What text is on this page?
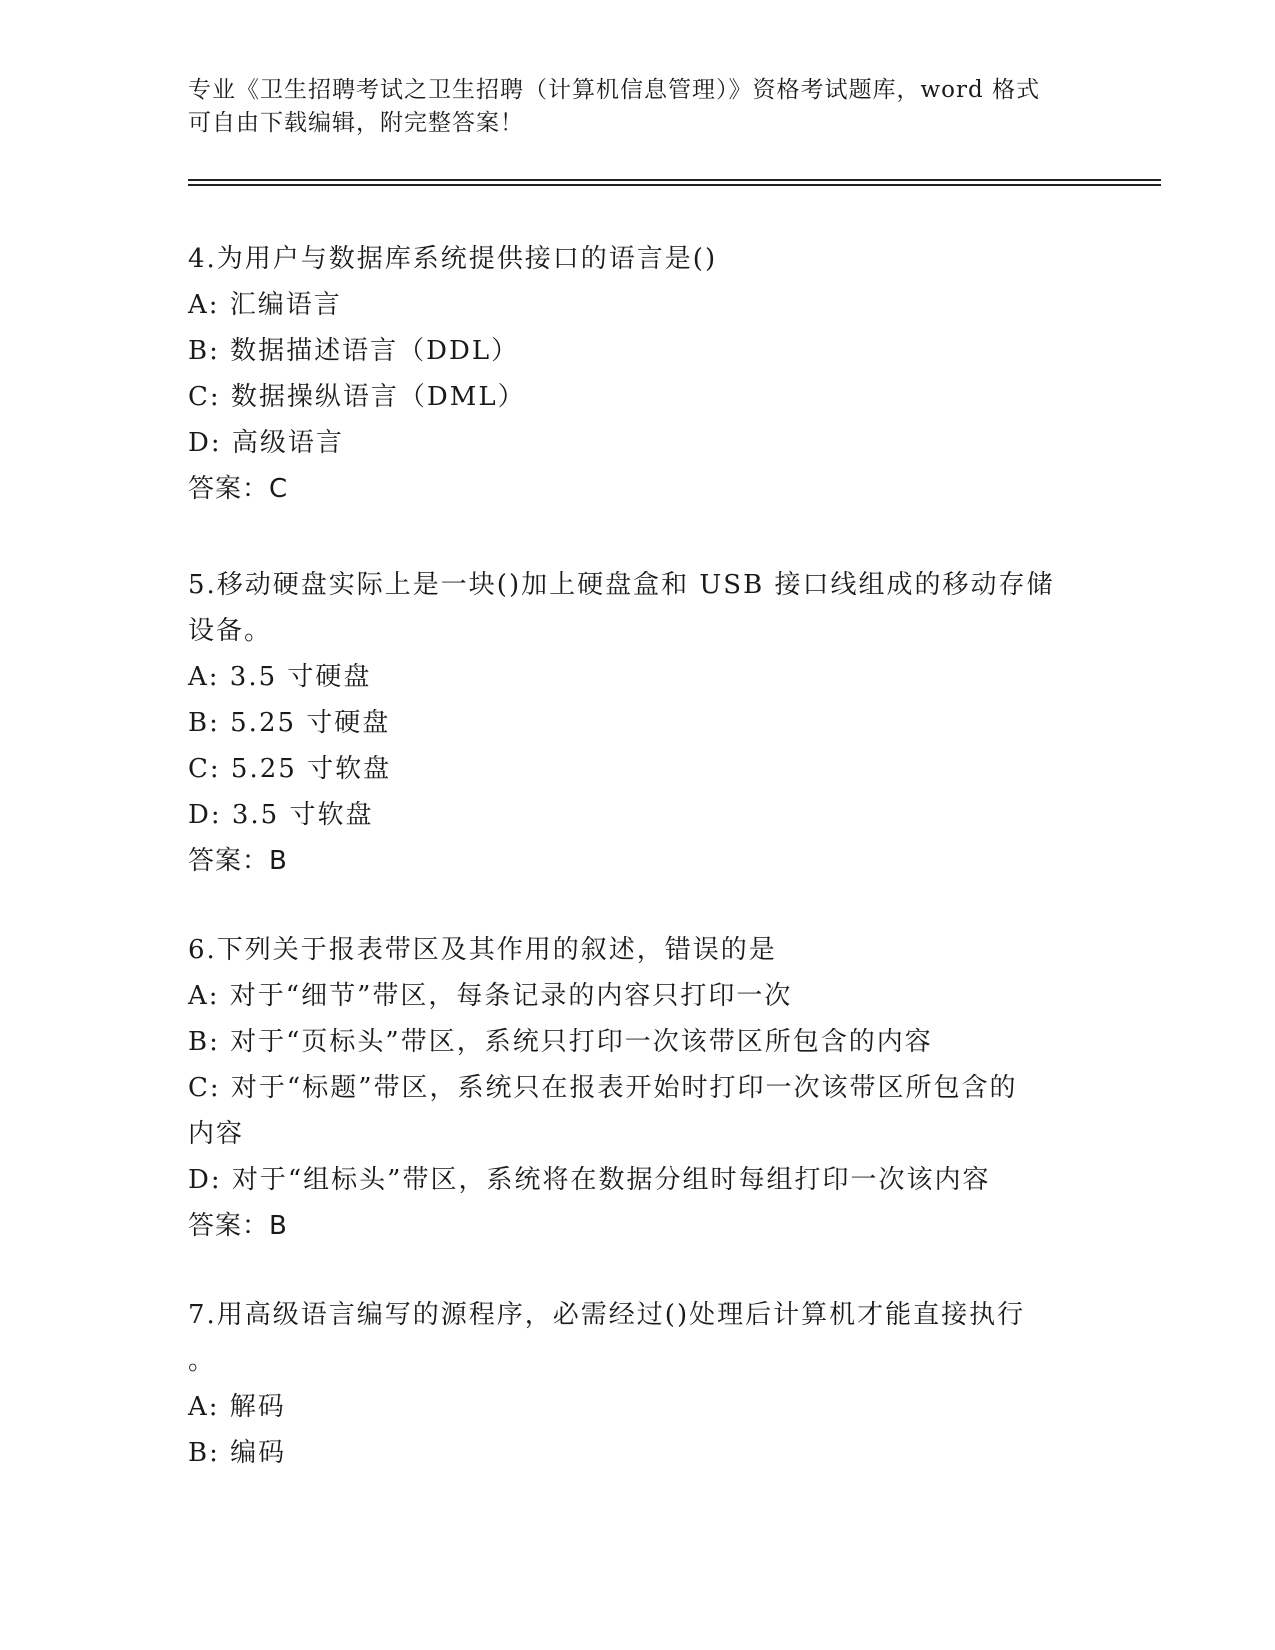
专业《卫生招聘考试之卫生招聘（计算机信息管理）》资格考试题库，word 格式
可自由下载编辑，附完整答案！
4.为用户与数据库系统提供接口的语言是()
A: 汇编语言
B: 数据描述语言（DDL）
C: 数据操纵语言（DML）
D: 高级语言
答案：C
5.移动硬盘实际上是一块()加上硬盘盒和 USB 接口线组成的移动存储
设备。
A: 3.5 寸硬盘
B: 5.25 寸硬盘
C: 5.25 寸软盘
D: 3.5 寸软盘
答案：B
6.下列关于报表带区及其作用的叙述，错误的是
A: 对于“细节”带区，每条记录的内容只打印一次
B: 对于“页标头”带区，系统只打印一次该带区所包含的内容
C: 对于“标题”带区，系统只在报表开始时打印一次该带区所包含的
内容
D: 对于“组标头”带区，系统将在数据分组时每组打印一次该内容
答案：B
7.用高级语言编写的源程序，必需经过()处理后计算机才能直接执行
。
A: 解码
B: 编码
